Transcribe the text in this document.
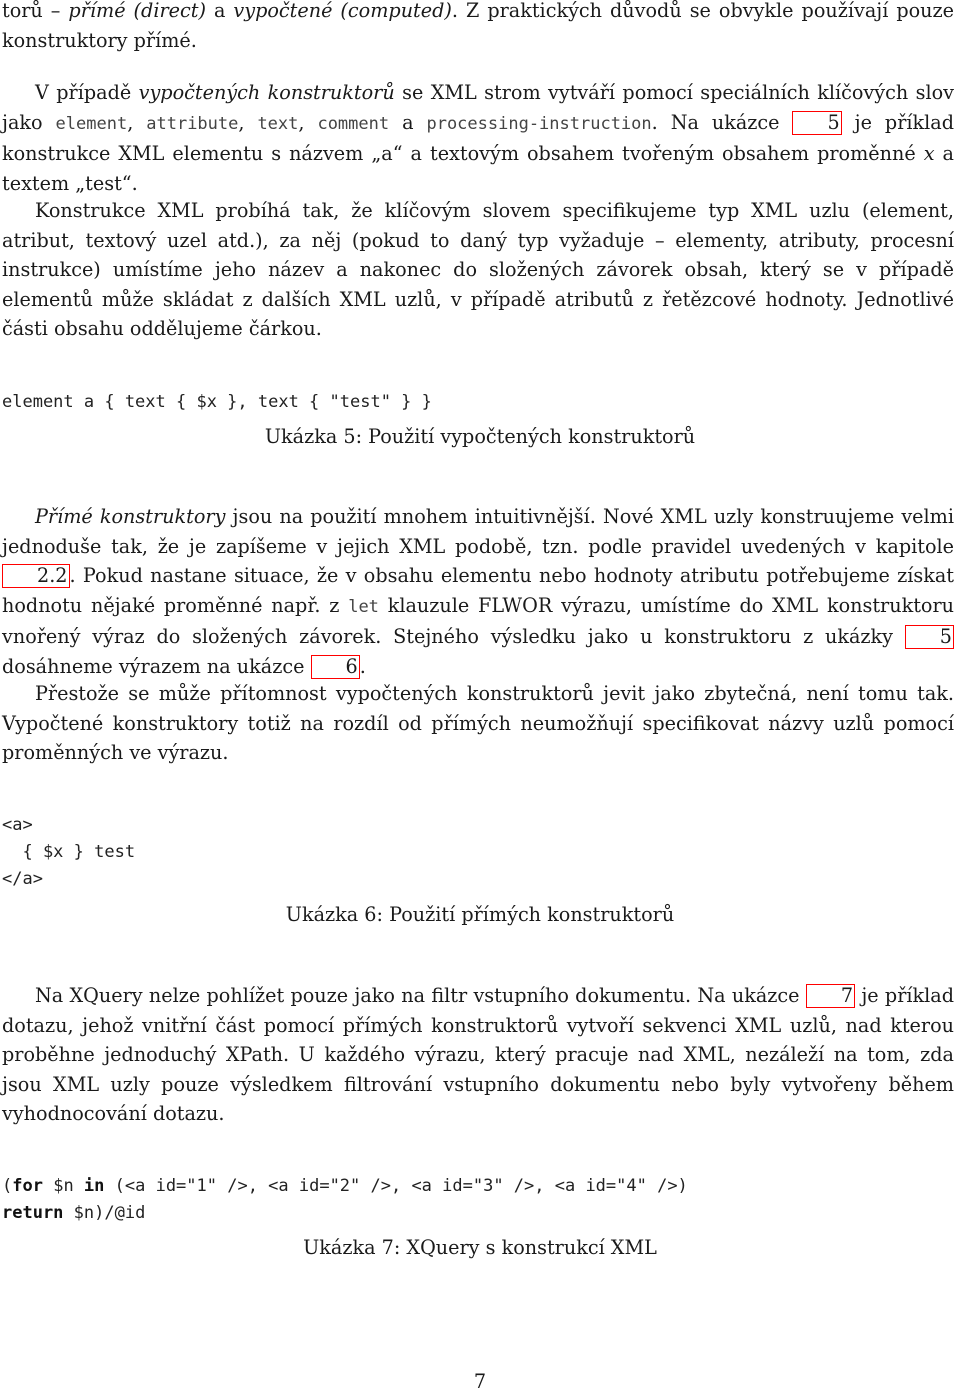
torů – přímé (direct) a vypočtené (computed). Z praktických důvodů se obvykle používají pouze konstruktory přímé.

V případě vypočtených konstruktorů se XML strom vytváří pomocí speciálních klíčových slov jako element, attribute, text, comment a processing-instruction. Na ukázce 5 je příklad konstrukce XML elementu s názvem „a“ a textovým obsahem tvořeným obsahem proměnné x a textem „test“.

Konstrukce XML probíhá tak, že klíčovým slovem specifikujeme typ XML uzlu (element, atribut, textový uzel atd.), za něj (pokud to daný typ vyžaduje – elementy, atributy, procesní instrukce) umístíme jeho název a nakonec do složených závorek obsah, který se v případě elementů může skládat z dalších XML uzlů, v případě atributů z řetězcové hodnoty. Jednotlivé části obsahu oddělujeme čárkou.

element a { text { $x }, text { "test" } }

Ukázka 5: Použití vypočtených konstruktorů

Přímé konstruktory jsou na použití mnohem intuitivnější. Nové XML uzly konstruujeme velmi jednoduše tak, že je zapíšeme v jejich XML podobě, tzn. podle pravidel uvedených v kapitole 2.2 . Pokud nastane situace, že v obsahu elementu nebo hodnoty atributu potřebujeme získat hodnotu nějaké proměnné např. z let klauzule FLWOR výrazu, umístíme do XML konstruktoru vnořený výraz do složených závorek. Stejného výsledku jako u konstruktoru z ukázky 5 dosáhneme výrazem na ukázce 6 .

Přestože se může přítomnost vypočtených konstruktorů jevit jako zbytečná, není tomu tak. Vypočtené konstruktory totiž na rozdíl od přímých neumožňují specifikovat názvy uzlů pomocí proměnných ve výrazu.

<a>
{ $x } test
</a>

Ukázka 6: Použití přímých konstruktorů

Na XQuery nelze pohlížet pouze jako na filtr vstupního dokumentu. Na ukázce 7 je příklad dotazu, jehož vnitřní část pomocí přímých konstruktorů vytvoří sekvenci XML uzlů, nad kterou proběhne jednoduchý XPath. U každého výrazu, který pracuje nad XML, nezáleží na tom, zda jsou XML uzly pouze výsledkem filtrování vstupního dokumentu nebo byly vytvořeny během vyhodnocování dotazu.

(for $n in (<a id="1" />, <a id="2" />, <a id="3" />, <a id="4" />)
return $n)/@id

Ukázka 7: XQuery s konstrukcí XML

7
